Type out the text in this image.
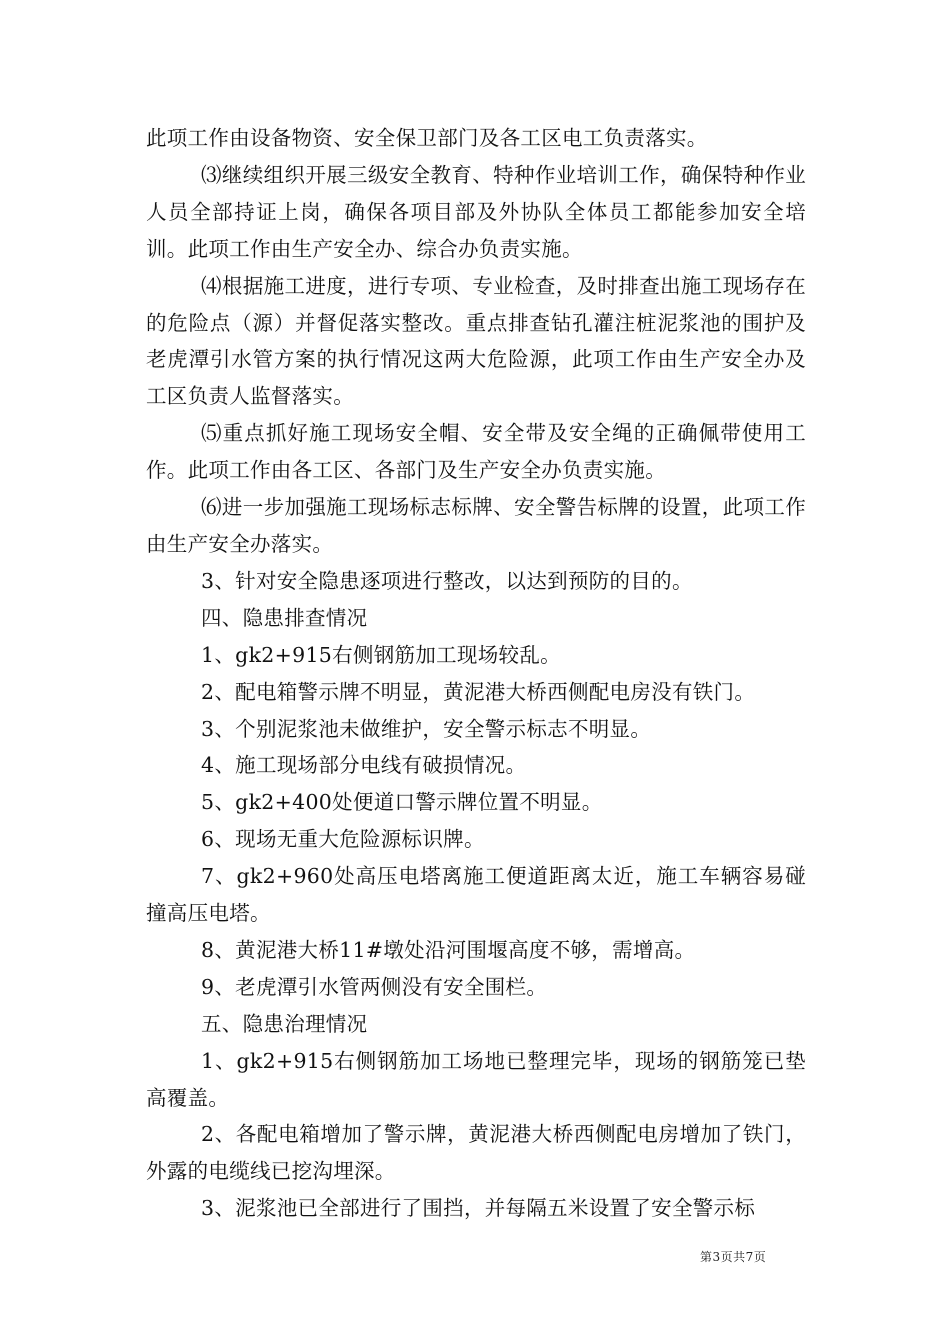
此项工作由设备物资、安全保卫部门及各工区电工负责落实。

⑶继续组织开展三级安全教育、特种作业培训工作，确保特种作业人员全部持证上岗，确保各项目部及外协队全体员工都能参加安全培训。此项工作由生产安全办、综合办负责实施。

⑷根据施工进度，进行专项、专业检查，及时排查出施工现场存在的危险点（源）并督促落实整改。重点排查钻孔灌注桩泥浆池的围护及老虎潭引水管方案的执行情况这两大危险源，此项工作由生产安全办及工区负责人监督落实。

⑸重点抓好施工现场安全帽、安全带及安全绳的正确佩带使用工作。此项工作由各工区、各部门及生产安全办负责实施。

⑹进一步加强施工现场标志标牌、安全警告标牌的设置，此项工作由生产安全办落实。

3、针对安全隐患逐项进行整改，以达到预防的目的。

四、隐患排查情况

1、gk2+915右侧钢筋加工现场较乱。

2、配电箱警示牌不明显，黄泥港大桥西侧配电房没有铁门。

3、个别泥浆池未做维护，安全警示标志不明显。

4、施工现场部分电线有破损情况。

5、gk2+400处便道口警示牌位置不明显。

6、现场无重大危险源标识牌。

7、gk2+960处高压电塔离施工便道距离太近，施工车辆容易碰撞高压电塔。

8、黄泥港大桥11#墩处沿河围堰高度不够，需增高。

9、老虎潭引水管两侧没有安全围栏。

五、隐患治理情况

1、gk2+915右侧钢筋加工场地已整理完毕，现场的钢筋笼已垫高覆盖。

2、各配电箱增加了警示牌，黄泥港大桥西侧配电房增加了铁门，外露的电缆线已挖沟埋深。

3、泥浆池已全部进行了围挡，并每隔五米设置了安全警示标

第3页共7页
